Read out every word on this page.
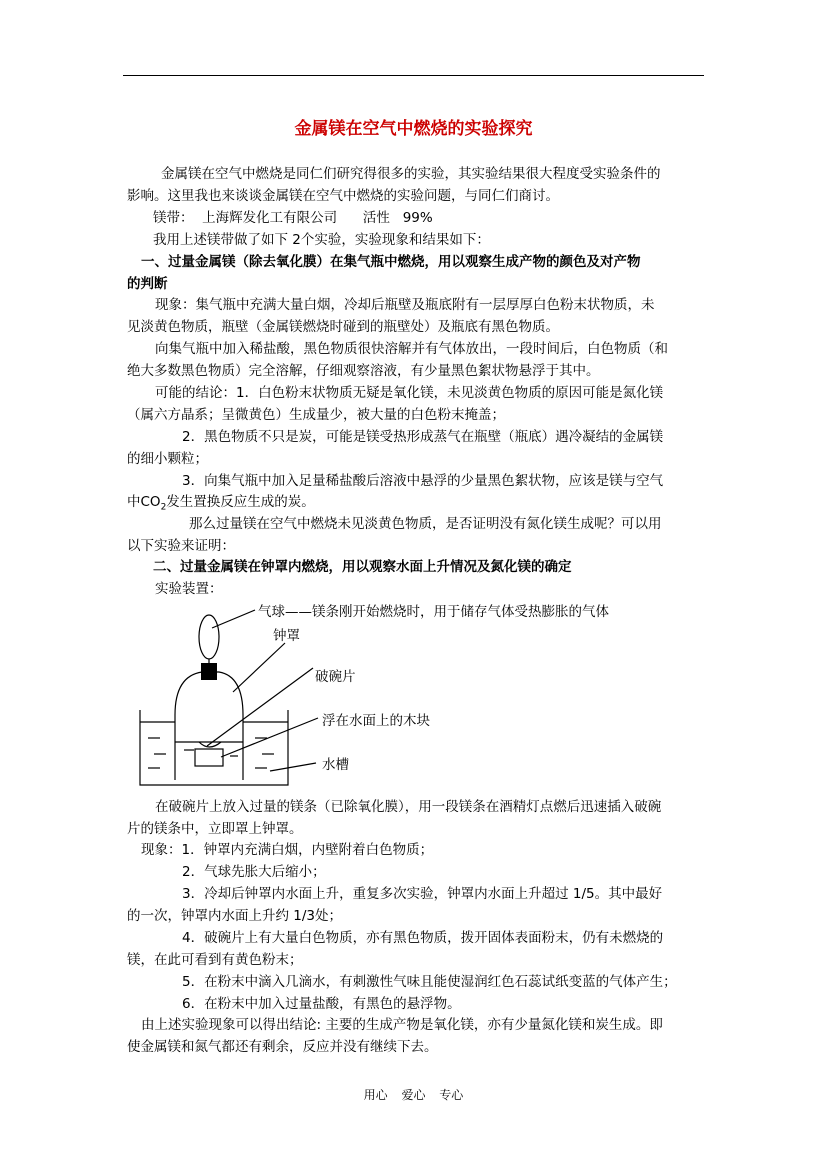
金属镁在空气中燃烧的实验探究
金属镁在空气中燃烧是同仁们研究得很多的实验，其实验结果很大程度受实验条件的
影响。这里我也来谈谈金属镁在空气中燃烧的实验问题，与同仁们商讨。
镁带：  上海辉发化工有限公司      活性   99%
我用上述镁带做了如下 2个实验，实验现象和结果如下：
一、过量金属镁（除去氧化膜）在集气瓶中燃烧，用以观察生成产物的颜色及对产物
的判断
现象：集气瓶中充满大量白烟，冷却后瓶壁及瓶底附有一层厚厚白色粉末状物质，未
见淡黄色物质，瓶壁（金属镁燃烧时碰到的瓶壁处）及瓶底有黑色物质。
向集气瓶中加入稀盐酸，黑色物质很快溶解并有气体放出，一段时间后，白色物质（和
绝大多数黑色物质）完全溶解，仔细观察溶液，有少量黑色絮状物悬浮于其中。
可能的结论：1．白色粉末状物质无疑是氧化镁，未见淡黄色物质的原因可能是氮化镁
（属六方晶系；呈微黄色）生成量少，被大量的白色粉末掩盖；
2．黑色物质不只是炭，可能是镁受热形成蒸气在瓶壁（瓶底）遇冷凝结的金属镁
的细小颗粒；
3．向集气瓶中加入足量稀盐酸后溶液中悬浮的少量黑色絮状物，应该是镁与空气
中$CO_2$发生置换反应生成的炭。
那么过量镁在空气中燃烧未见淡黄色物质，是否证明没有氮化镁生成呢？可以用
以下实验来证明：
二、过量金属镁在钟罩内燃烧，用以观察水面上升情况及氮化镁的确定
实验装置：
气球——镁条刚开始燃烧时，用于储存气体受热膨胀的气体
钟罩
破碗片
浮在水面上的木块
水槽
在破碗片上放入过量的镁条（已除氧化膜），用一段镁条在酒精灯点燃后迅速插入破碗
片的镁条中，立即罩上钟罩。
现象：1．钟罩内充满白烟，内壁附着白色物质；
2．气球先胀大后缩小；
3．冷却后钟罩内水面上升，重复多次实验，钟罩内水面上升超过 1/5。其中最好
的一次，钟罩内水面上升约 1/3处；
4．破碗片上有大量白色物质，亦有黑色物质，拨开固体表面粉末，仍有未燃烧的
镁，在此可看到有黄色粉末；
5．在粉末中滴入几滴水，有刺激性气味且能使湿润红色石蕊试纸变蓝的气体产生；
6．在粉末中加入过量盐酸，有黑色的悬浮物。
由上述实验现象可以得出结论: 主要的生成产物是氧化镁，亦有少量氮化镁和炭生成。即
使金属镁和氮气都还有剩余，反应并没有继续下去。
用心 爱心 专心
